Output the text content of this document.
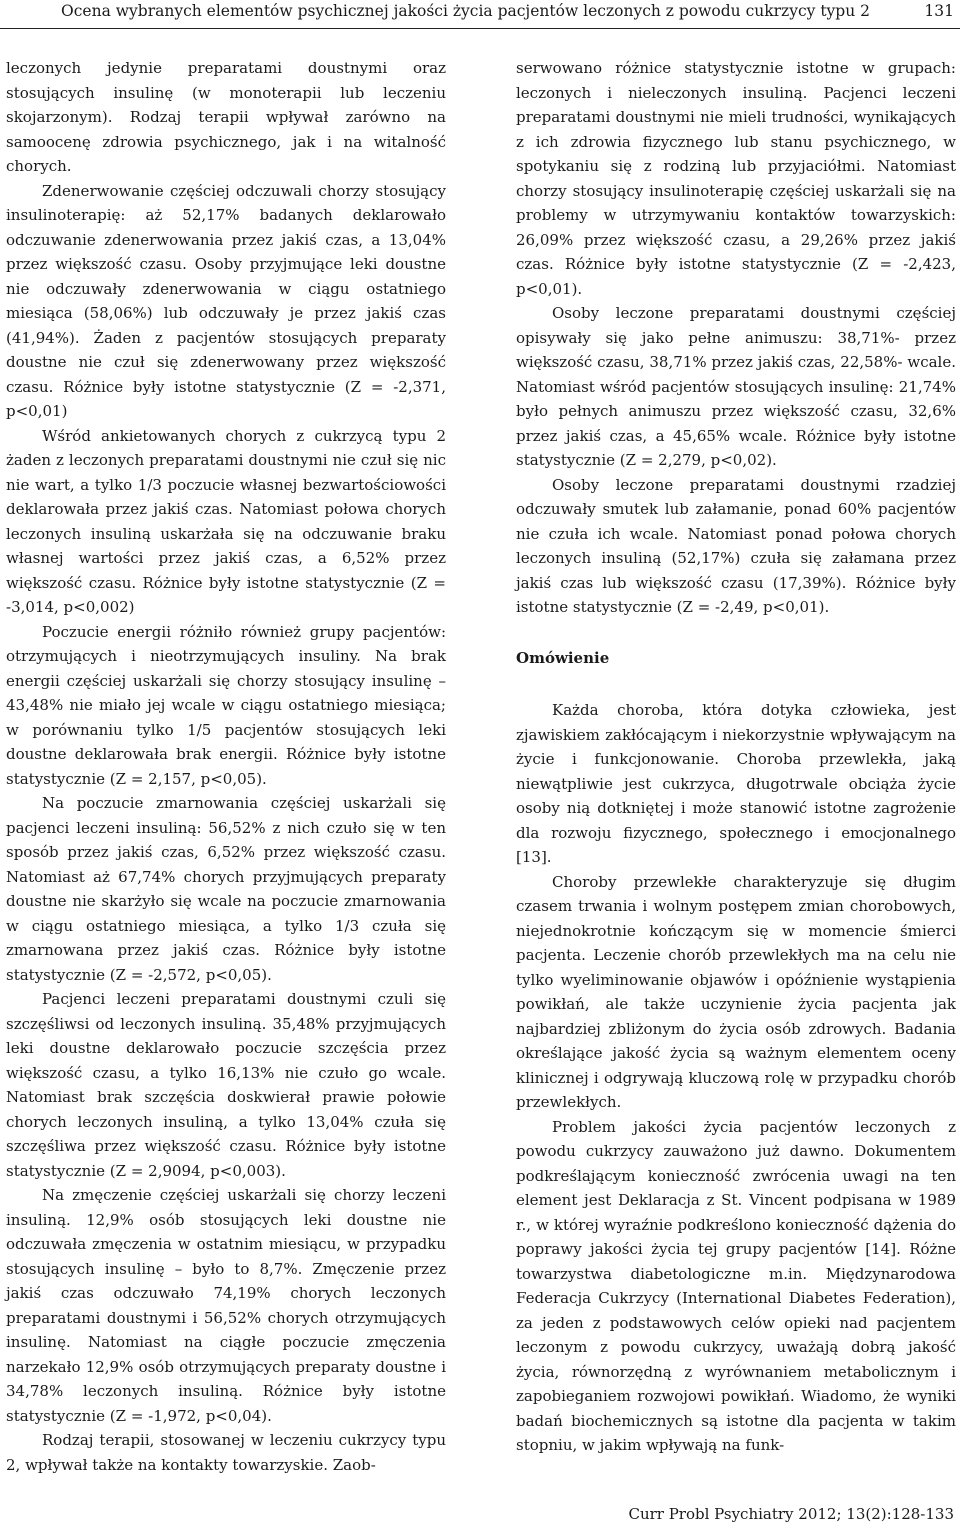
Ocena wybranych elementów psychicznej jakości życia pacjentów leczonych z powodu cukrzycy typu 2	131

leczonych jedynie preparatami doustnymi oraz stosujących insulinę (w monoterapii lub leczeniu skojarzonym). Rodzaj terapii wpływał zarówno na samoocenę zdrowia psychicznego, jak i na witalność chorych.

Zdenerwowanie częściej odczuwali chorzy stosujący insulinoterapię: aż 52,17% badanych deklarowało odczuwanie zdenerwowania przez jakiś czas, a 13,04% przez większość czasu. Osoby przyjmujące leki doustne nie odczuwały zdenerwowania w ciągu ostatniego miesiąca (58,06%) lub odczuwały je przez jakiś czas (41,94%). Żaden z pacjentów stosujących preparaty doustne nie czuł się zdenerwowany przez większość czasu. Różnice były istotne statystycznie (Z = -2,371, p<0,01)

Wśród ankietowanych chorych z cukrzycą typu 2 żaden z leczonych preparatami doustnymi nie czuł się nic nie wart, a tylko 1/3 poczucie własnej bezwartościowości deklarowała przez jakiś czas. Natomiast połowa chorych leczonych insuliną uskarżała się na odczuwanie braku własnej wartości przez jakiś czas, a 6,52% przez większość czasu. Różnice były istotne statystycznie (Z = -3,014, p<0,002)

Poczucie energii różniło również grupy pacjentów: otrzymujących i nieotrzymujących insuliny. Na brak energii częściej uskarżali się chorzy stosujący insulinę – 43,48% nie miało jej wcale w ciągu ostatniego miesiąca; w porównaniu tylko 1/5 pacjentów stosujących leki doustne deklarowała brak energii. Różnice były istotne statystycznie (Z = 2,157, p<0,05).

Na poczucie zmarnowania częściej uskarżali się pacjenci leczeni insuliną: 56,52% z nich czuło się w ten sposób przez jakiś czas, 6,52% przez większość czasu. Natomiast aż 67,74% chorych przyjmujących preparaty doustne nie skarżyło się wcale na poczucie zmarnowania w ciągu ostatniego miesiąca, a tylko 1/3 czuła się zmarnowana przez jakiś czas. Różnice były istotne statystycznie (Z = -2,572, p<0,05).

Pacjenci leczeni preparatami doustnymi czuli się szczęśliwsi od leczonych insuliną. 35,48% przyjmujących leki doustne deklarowało poczucie szczęścia przez większość czasu, a tylko 16,13% nie czuło go wcale. Natomiast brak szczęścia doskwierał prawie połowie chorych leczonych insuliną, a tylko 13,04% czuła się szczęśliwa przez większość czasu. Różnice były istotne statystycznie (Z = 2,9094, p<0,003).

Na zmęczenie częściej uskarżali się chorzy leczeni insuliną. 12,9% osób stosujących leki doustne nie odczuwała zmęczenia w ostatnim miesiącu, w przypadku stosujących insulinę – było to 8,7%. Zmęczenie przez jakiś czas odczuwało 74,19% chorych leczonych preparatami doustnymi i 56,52% chorych otrzymujących insulinę. Natomiast na ciągłe poczucie zmęczenia narzekało 12,9% osób otrzymujących preparaty doustne i 34,78% leczonych insuliną. Różnice były istotne statystycznie (Z = -1,972, p<0,04).

Rodzaj terapii, stosowanej w leczeniu cukrzycy typu 2, wpływał także na kontakty towarzyskie. Zaob-

serwowano różnice statystycznie istotne w grupach: leczonych i nieleczonych insuliną. Pacjenci leczeni preparatami doustnymi nie mieli trudności, wynikających z ich zdrowia fizycznego lub stanu psychicznego, w spotykaniu się z rodziną lub przyjaciółmi. Natomiast chorzy stosujący insulinoterapię częściej uskarżali się na problemy w utrzymywaniu kontaktów towarzyskich: 26,09% przez większość czasu, a 29,26% przez jakiś czas. Różnice były istotne statystycznie (Z = -2,423, p<0,01).

Osoby leczone preparatami doustnymi częściej opisywały się jako pełne animuszu: 38,71%- przez większość czasu, 38,71% przez jakiś czas, 22,58%- wcale. Natomiast wśród pacjentów stosujących insulinę: 21,74% było pełnych animuszu przez większość czasu, 32,6% przez jakiś czas, a 45,65% wcale. Różnice były istotne statystycznie (Z = 2,279, p<0,02).

Osoby leczone preparatami doustnymi rzadziej odczuwały smutek lub załamanie, ponad 60% pacjentów nie czuła ich wcale. Natomiast ponad połowa chorych leczonych insuliną (52,17%) czuła się załamana przez jakiś czas lub większość czasu (17,39%). Różnice były istotne statystycznie (Z = -2,49, p<0,01).

Omówienie

Każda choroba, która dotyka człowieka, jest zjawiskiem zakłócającym i niekorzystnie wpływającym na życie i funkcjonowanie. Choroba przewlekła, jaką niewątpliwie jest cukrzyca, długotrwale obciąża życie osoby nią dotkniętej i może stanowić istotne zagrożenie dla rozwoju fizycznego, społecznego i emocjonalnego [13].

Choroby przewlekłe charakteryzuje się długim czasem trwania i wolnym postępem zmian chorobowych, niejednokrotnie kończącym się w momencie śmierci pacjenta. Leczenie chorób przewlekłych ma na celu nie tylko wyeliminowanie objawów i opóźnienie wystąpienia powikłań, ale także uczynienie życia pacjenta jak najbardziej zbliżonym do życia osób zdrowych. Badania określające jakość życia są ważnym elementem oceny klinicznej i odgrywają kluczową rolę w przypadku chorób przewlekłych.

Problem jakości życia pacjentów leczonych z powodu cukrzycy zauważono już dawno. Dokumentem podkreślającym konieczność zwrócenia uwagi na ten element jest Deklaracja z St. Vincent podpisana w 1989 r., w której wyraźnie podkreślono konieczność dążenia do poprawy jakości życia tej grupy pacjentów [14]. Różne towarzystwa diabetologiczne m.in. Międzynarodowa Federacja Cukrzycy (International Diabetes Federation), za jeden z podstawowych celów opieki nad pacjentem leczonym z powodu cukrzycy, uważają dobrą jakość życia, równorzędną z wyrównaniem metabolicznym i zapobieganiem rozwojowi powikłań. Wiadomo, że wyniki badań biochemicznych są istotne dla pacjenta w takim stopniu, w jakim wpływają na funk-

Curr Probl Psychiatry 2012; 13(2):128-133
